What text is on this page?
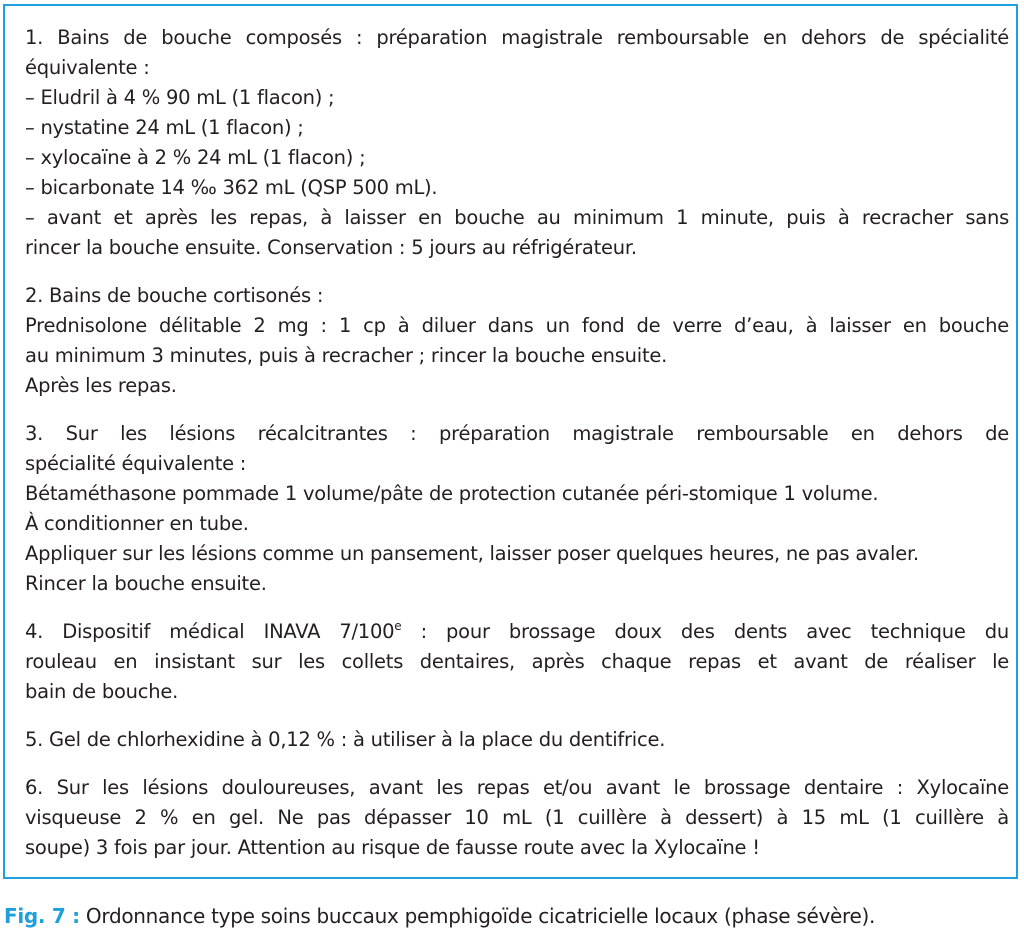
1. Bains de bouche composés : préparation magistrale remboursable en dehors de spécialité
équivalente :
– Eludril à 4 % 90 mL (1 flacon) ;
– nystatine 24 mL (1 flacon) ;
– xylocaïne à 2 % 24 mL (1 flacon) ;
– bicarbonate 14 ‰ 362 mL (QSP 500 mL).
– avant et après les repas, à laisser en bouche au minimum 1 minute, puis à recracher sans
rincer la bouche ensuite. Conservation : 5 jours au réfrigérateur.
2. Bains de bouche cortisonés :
Prednisolone délitable 2 mg : 1 cp à diluer dans un fond de verre d’eau, à laisser en bouche
au minimum 3 minutes, puis à recracher ; rincer la bouche ensuite.
Après les repas.
3. Sur les lésions récalcitrantes : préparation magistrale remboursable en dehors de
spécialité équivalente :
Bétaméthasone pommade 1 volume/pâte de protection cutanée péri-stomique 1 volume.
À conditionner en tube.
Appliquer sur les lésions comme un pansement, laisser poser quelques heures, ne pas avaler.
Rincer la bouche ensuite.
4. Dispositif médical INAVA 7/100e : pour brossage doux des dents avec technique du
rouleau en insistant sur les collets dentaires, après chaque repas et avant de réaliser le
bain de bouche.
5. Gel de chlorhexidine à 0,12 % : à utiliser à la place du dentifrice.
6. Sur les lésions douloureuses, avant les repas et/ou avant le brossage dentaire : Xylocaïne
visqueuse 2 % en gel. Ne pas dépasser 10 mL (1 cuillère à dessert) à 15 mL (1 cuillère à
soupe) 3 fois par jour. Attention au risque de fausse route avec la Xylocaïne !
Fig. 7 : Ordonnance type soins buccaux pemphigoïde cicatricielle locaux (phase sévère).
